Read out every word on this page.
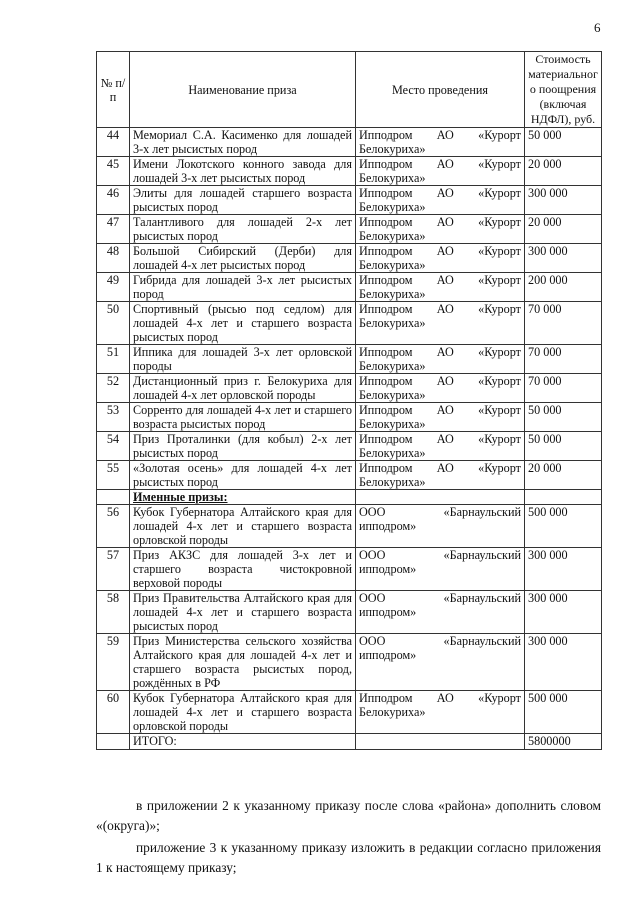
6
№ п/п	Наименование приза	Место проведения	Стоимость материальног о поощрения (включая НДФЛ), руб.
44	Мемориал С.А. Касименко для лошадей 3-х лет рысистых пород	Ипподром АО «Курорт Белокуриха»	50 000
45	Имени Локотского конного завода для лошадей 3-х лет рысистых пород	Ипподром АО «Курорт Белокуриха»	20 000
46	Элиты для лошадей старшего возраста рысистых пород	Ипподром АО «Курорт Белокуриха»	300 000
47	Талантливого для лошадей 2-х лет рысистых пород	Ипподром АО «Курорт Белокуриха»	20 000
48	Большой Сибирский (Дерби) для лошадей 4-х лет рысистых пород	Ипподром АО «Курорт Белокуриха»	300 000
49	Гибрида для лошадей 3-х лет рысистых пород	Ипподром АО «Курорт Белокуриха»	200 000
50	Спортивный (рысью под седлом) для лошадей 4-х лет и старшего возраста рысистых пород	Ипподром АО «Курорт Белокуриха»	70 000
51	Иппика для лошадей 3-х лет орловской породы	Ипподром АО «Курорт Белокуриха»	70 000
52	Дистанционный приз г. Белокуриха для лошадей 4-х лет орловской породы	Ипподром АО «Курорт Белокуриха»	70 000
53	Сорренто для лошадей 4-х лет и старшего возраста рысистых пород	Ипподром АО «Курорт Белокуриха»	50 000
54	Приз Проталинки (для кобыл) 2-х лет рысистых пород	Ипподром АО «Курорт Белокуриха»	50 000
55	«Золотая осень» для лошадей 4-х лет рысистых пород	Ипподром АО «Курорт Белокуриха»	20 000
	Именные призы:		
56	Кубок Губернатора Алтайского края для лошадей 4-х лет и старшего возраста орловской породы	ООО «Барнаульский ипподром»	500 000
57	Приз АКЗС для лошадей 3-х лет и старшего возраста чистокровной верховой породы	ООО «Барнаульский ипподром»	300 000
58	Приз Правительства Алтайского края для лошадей 4-х лет и старшего возраста рысистых пород	ООО «Барнаульский ипподром»	300 000
59	Приз Министерства сельского хозяйства Алтайского края для лошадей 4-х лет и старшего возраста рысистых пород, рождённых в РФ	ООО «Барнаульский ипподром»	300 000
60	Кубок Губернатора Алтайского края для лошадей 4-х лет и старшего возраста орловской породы	Ипподром АО «Курорт Белокуриха»	500 000
	ИТОГО:		5800000

в приложении 2 к указанному приказу после слова «района» дополнить словом «(округа)»;

приложение 3 к указанному приказу изложить в редакции согласно приложения 1 к настоящему приказу;
